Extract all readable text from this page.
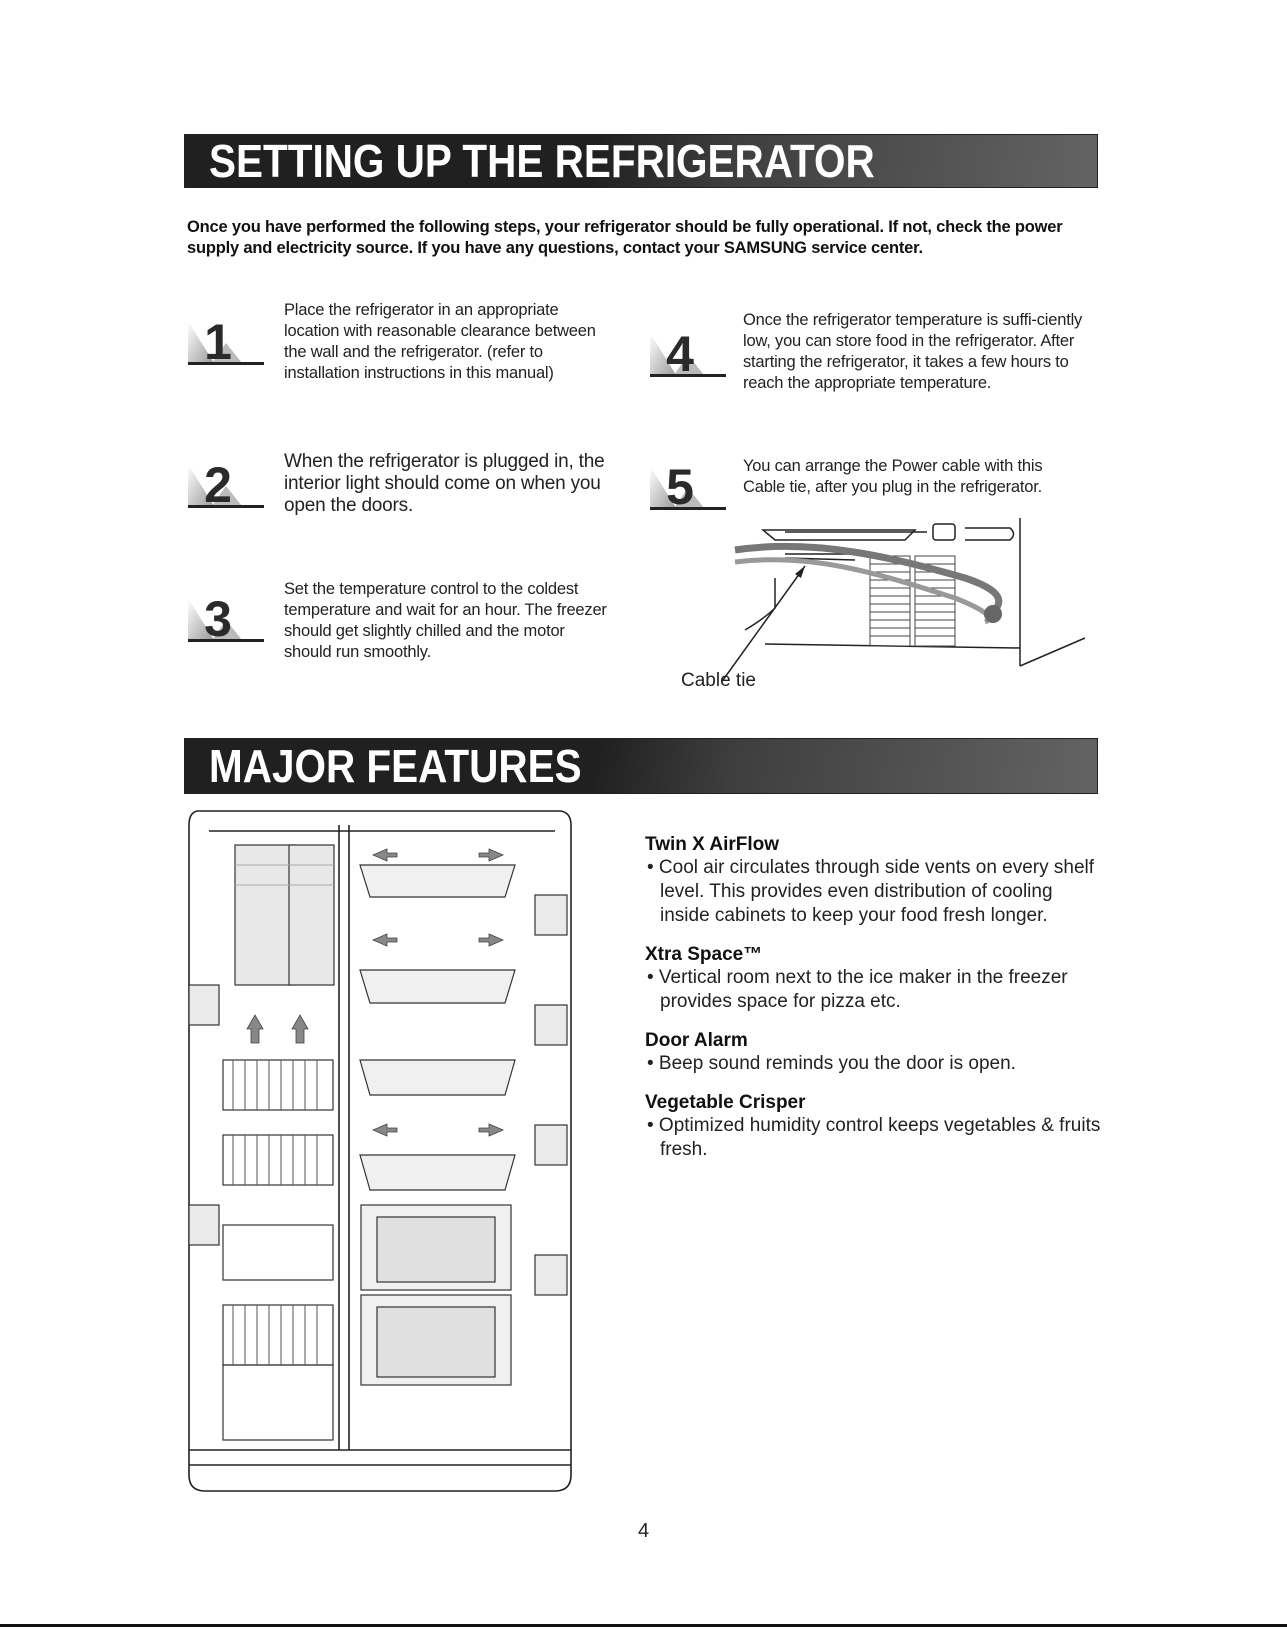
SETTING UP THE REFRIGERATOR
Once you have performed the following steps, your refrigerator should be fully operational. If not, check the power supply and electricity source. If you have any questions, contact your SAMSUNG service center.
1
Place the refrigerator in an appropriate location with reasonable clearance between the wall and the refrigerator. (refer to installation instructions in this manual)
2	When the refrigerator is plugged in, the interior light should come on when you open the doors.
3
Set the temperature control to the coldest temperature and wait for an hour. The freezer should get slightly chilled and the motor should run smoothly.
4
Once the refrigerator temperature is suffi-ciently low, you can store food in the refrigerator. After starting the refrigerator, it takes a few hours to reach the appropriate temperature.
5	You can arrange the Power cable with this Cable tie, after you plug in the refrigerator.
Cable tie
MAJOR FEATURES
Twin X AirFlow
• Cool air circulates through side vents on every shelf level. This provides even distribution of cooling inside cabinets to keep your food fresh longer.
Xtra Space™
• Vertical room next to the ice maker in the freezer provides space for pizza etc.
Door Alarm
• Beep sound reminds you the door is open.
Vegetable Crisper
• Optimized humidity control keeps vegetables & fruits fresh.
4
